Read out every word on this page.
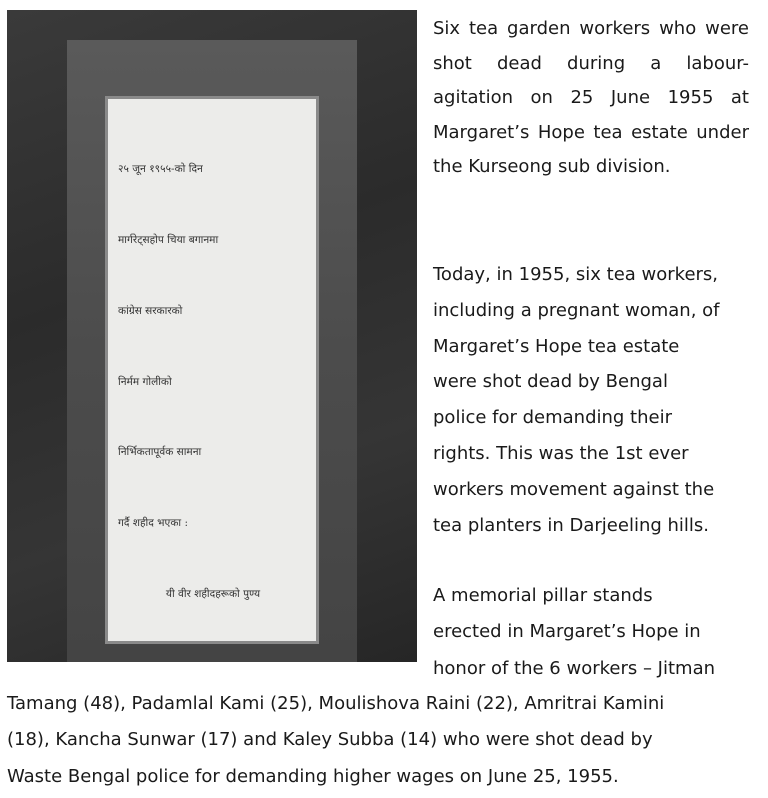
२५ जून १९५५-को दिन

मार्गरेट्सहोप चिया बगानमा

कांग्रेस सरकारको

निर्मम गोलीको

निर्भिकतापूर्वक सामना

गर्दै शहीद भएका :

यी वीर शहीदहरूको पुण्य

Six tea garden workers who were shot dead during a labour-agitation on 25 June 1955 at Margaret’s Hope tea estate under the Kurseong sub division.

Today, in 1955, six tea workers,
including a pregnant woman, of
Margaret’s Hope tea estate
were shot dead by Bengal
police for demanding their
rights. This was the 1st ever
workers movement against the
tea planters in Darjeeling hills.
A memorial pillar stands
erected in Margaret’s Hope in
honor of the 6 workers – Jitman
Tamang (48), Padamlal Kami (25), Moulishova Raini (22), Amritrai Kamini
(18), Kancha Sunwar (17) and Kaley Subba (14) who were shot dead by
Waste Bengal police for demanding higher wages on June 25, 1955.
